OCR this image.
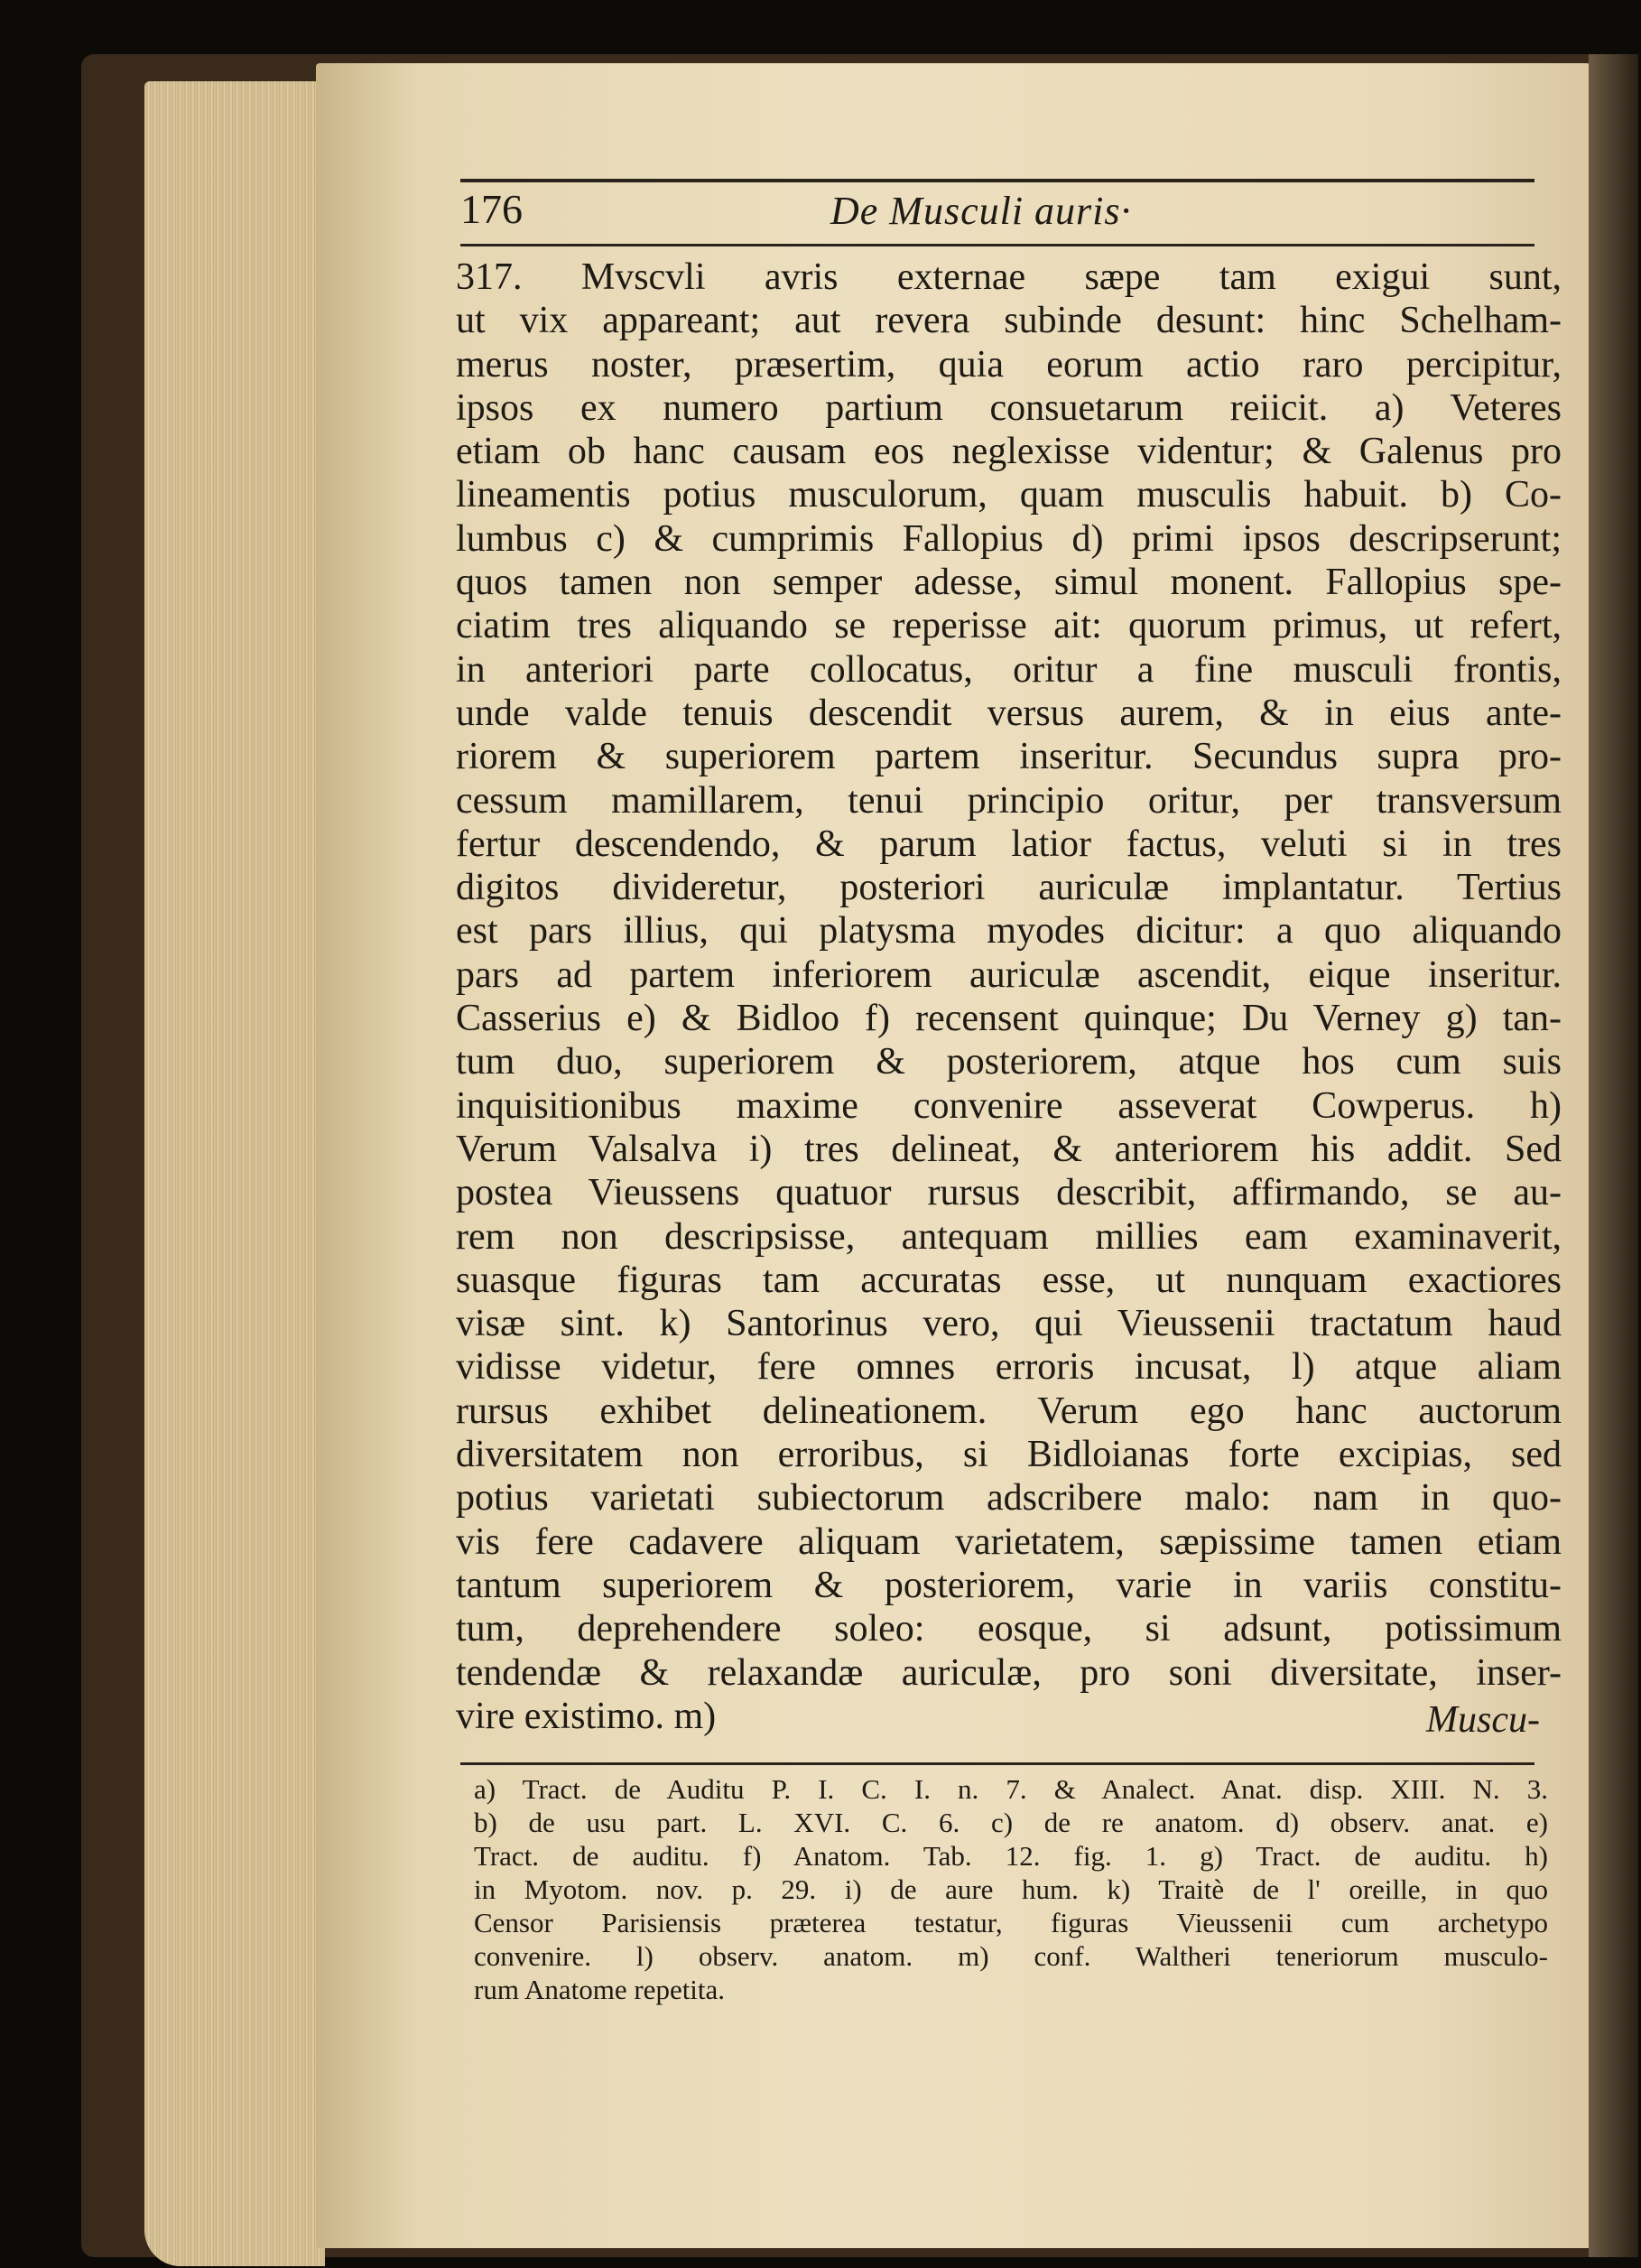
176	De Musculi auris·
317. Mvscvli avris externae sæpe tam exigui sunt,
ut vix appareant; aut revera subinde desunt: hinc Schelham-
merus noster, præsertim, quia eorum actio raro percipitur,
ipsos ex numero partium consuetarum reiicit. a) Veteres
etiam ob hanc causam eos neglexisse videntur; & Galenus pro
lineamentis potius musculorum, quam musculis habuit. b) Co-
lumbus c) & cumprimis Fallopius d) primi ipsos descripserunt;
quos tamen non semper adesse, simul monent. Fallopius spe-
ciatim tres aliquando se reperisse ait: quorum primus, ut refert,
in anteriori parte collocatus, oritur a fine musculi frontis,
unde valde tenuis descendit versus aurem, & in eius ante-
riorem & superiorem partem inseritur. Secundus supra pro-
cessum mamillarem, tenui principio oritur, per transversum
fertur descendendo, & parum latior factus, veluti si in tres
digitos divideretur, posteriori auriculæ implantatur. Tertius
est pars illius, qui platysma myodes dicitur: a quo aliquando
pars ad partem inferiorem auriculæ ascendit, eique inseritur.
Casserius e) & Bidloo f) recensent quinque; Du Verney g) tan-
tum duo, superiorem & posteriorem, atque hos cum suis
inquisitionibus maxime convenire asseverat Cowperus. h)
Verum Valsalva i) tres delineat, & anteriorem his addit. Sed
postea Vieussens quatuor rursus describit, affirmando, se au-
rem non descripsisse, antequam millies eam examinaverit,
suasque figuras tam accuratas esse, ut nunquam exactiores
visæ sint. k) Santorinus vero, qui Vieussenii tractatum haud
vidisse videtur, fere omnes erroris incusat, l) atque aliam
rursus exhibet delineationem. Verum ego hanc auctorum
diversitatem non erroribus, si Bidloianas forte excipias, sed
potius varietati subiectorum adscribere malo: nam in quo-
vis fere cadavere aliquam varietatem, sæpissime tamen etiam
tantum superiorem & posteriorem, varie in variis constitu-
tum, deprehendere soleo: eosque, si adsunt, potissimum
tendendæ & relaxandæ auriculæ, pro soni diversitate, inser-
vire existimo. m)	Muscu-
a) Tract. de Auditu P. I. C. I. n. 7. & Analect. Anat. disp. XIII. N. 3.
b) de usu part. L. XVI. C. 6. c) de re anatom. d) observ. anat. e)
Tract. de auditu. f) Anatom. Tab. 12. fig. 1. g) Tract. de auditu. h)
in Myotom. nov. p. 29. i) de aure hum. k) Traitè de l' oreille, in quo
Censor Parisiensis præterea testatur, figuras Vieussenii cum archetypo
convenire. l) observ. anatom. m) conf. Waltheri teneriorum musculo-
rum Anatome repetita.
